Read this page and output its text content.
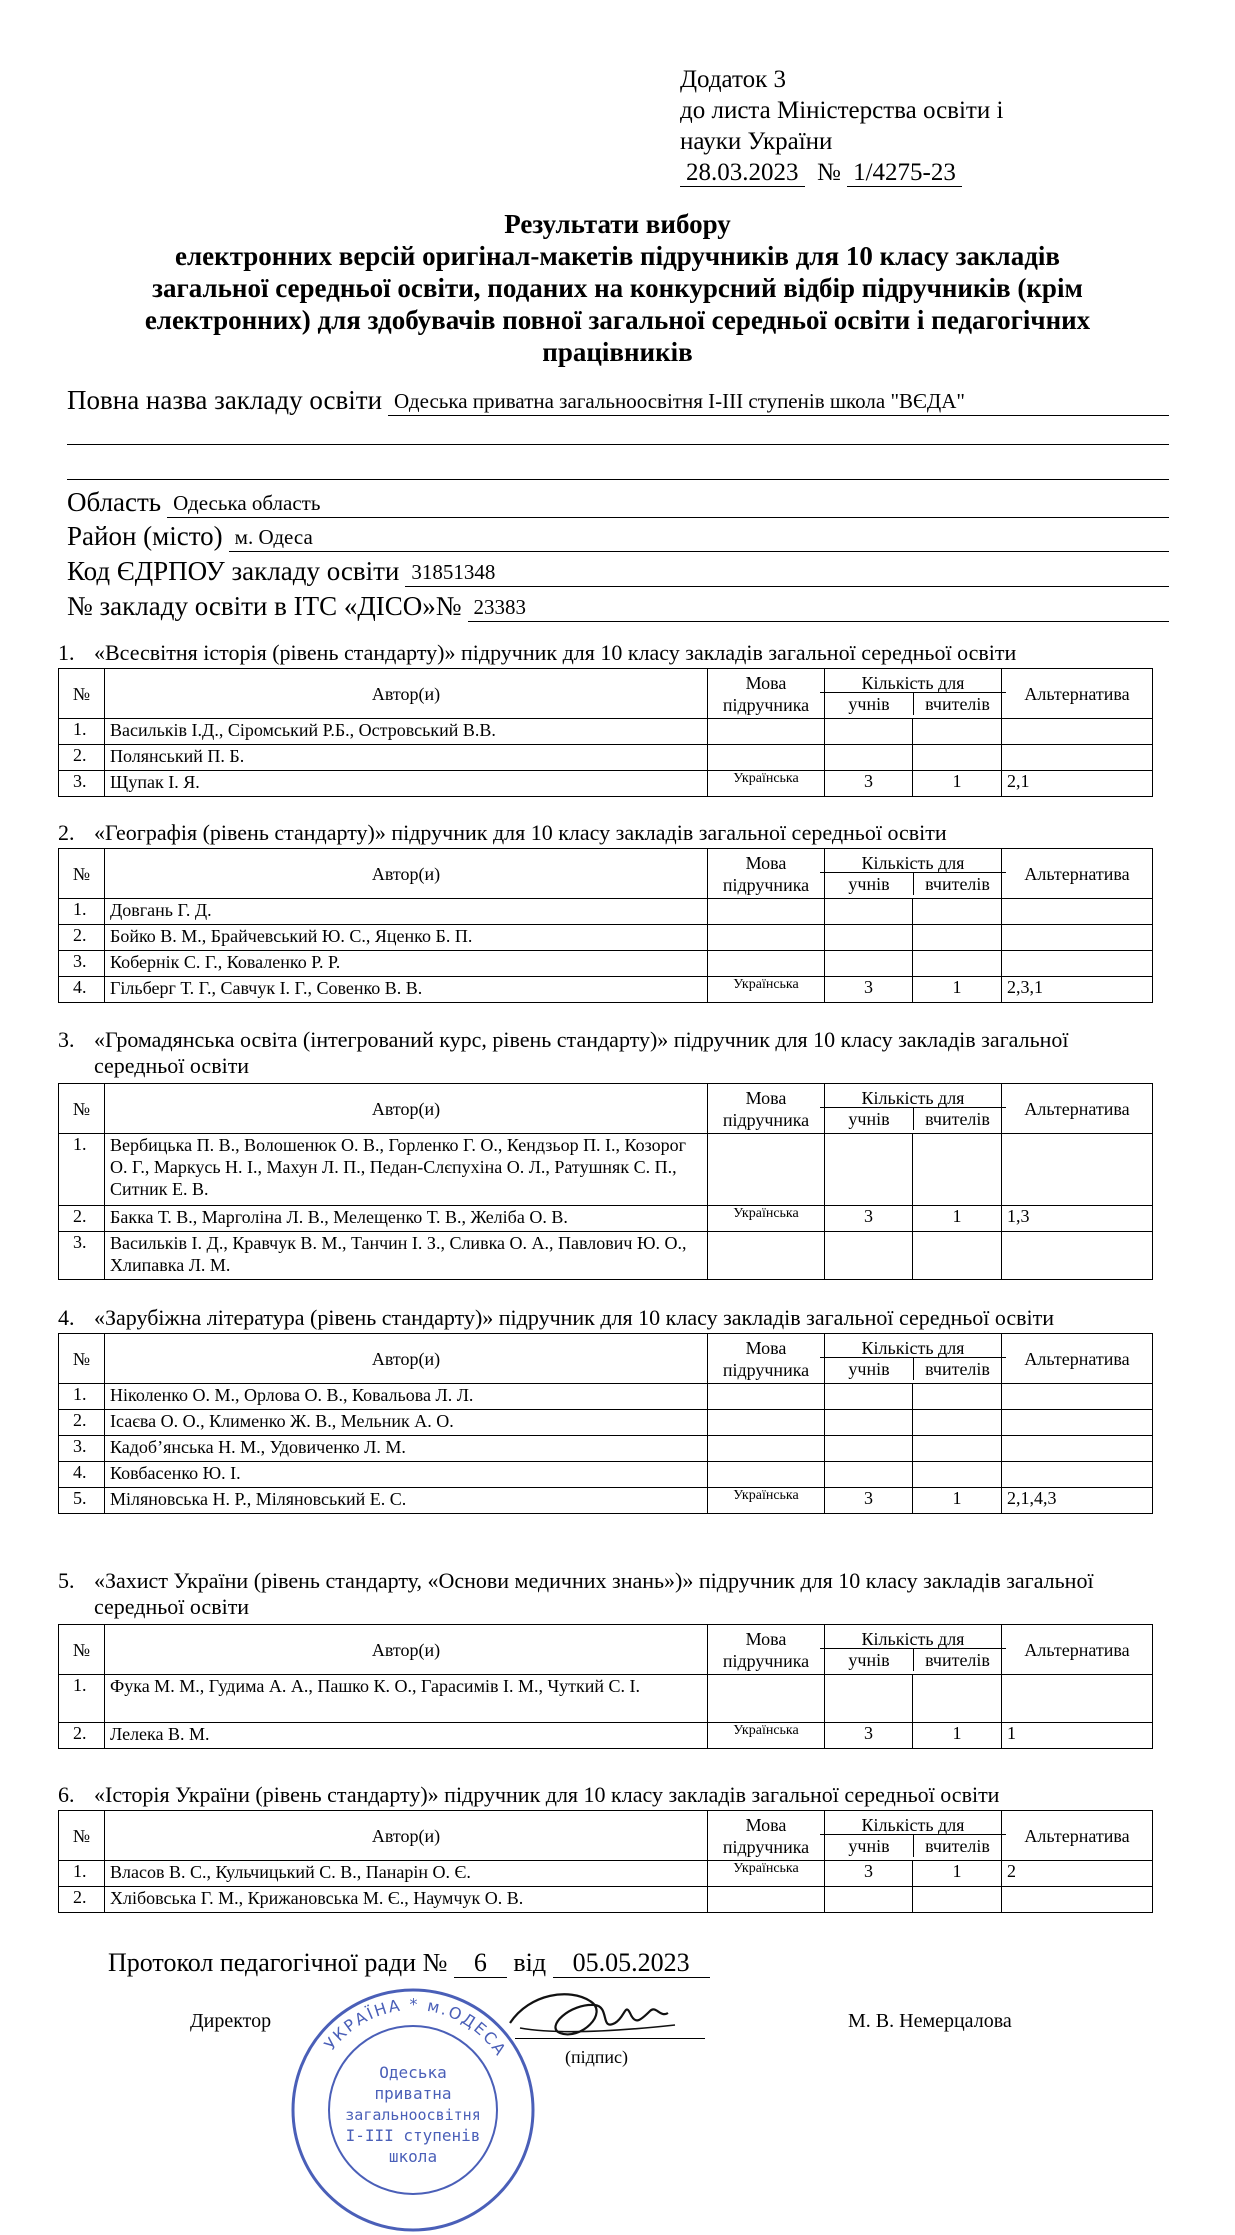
Додаток 3
до листа Міністерства освіти і
науки України
28.03.2023 № 1/4275-23
Результати вибору
електронних версій оригінал-макетів підручників для 10 класу закладів
загальної середньої освіти, поданих на конкурсний відбір підручників (крім
електронних) для здобувачів повної загальної середньої освіти і педагогічних
працівників
Повна назва закладу освіти Одеська приватна загальноосвітня І-ІІІ ступенів школа "ВЄДА"
Область Одеська область
Район (місто) м. Одеса
Код ЄДРПОУ закладу освіти 31851348
№ закладу освіти в ІТС «ДІСО»№ 23383
1. «Всесвітня історія (рівень стандарту)» підручник для 10 класу закладів загальної середньої освіти
№	Автор(и)	Мова підручника	Кількість для
учнів вчителів		Альтернатива
1.	Васильків І.Д., Сіромський Р.Б., Островський В.В.				
2.	Полянський П. Б.				
3.	Щупак І. Я.	Українська	3	1	2,1
2. «Географія (рівень стандарту)» підручник для 10 класу закладів загальної середньої освіти
№	Автор(и)	Мова підручника	Кількість для
учнів вчителів		Альтернатива
1.	Довгань Г. Д.				
2.	Бойко В. М., Брайчевський Ю. С., Яценко Б. П.				
3.	Кобернік С. Г., Коваленко Р. Р.				
4.	Гільберг Т. Г., Савчук І. Г., Совенко В. В.	Українська	3	1	2,3,1
3. «Громадянська освіта (інтегрований курс, рівень стандарту)» підручник для 10 класу закладів загальної середньої освіти
№	Автор(и)	Мова підручника	Кількість для
учнів вчителів		Альтернатива
1.	Вербицька П. В., Волошенюк О. В., Горленко Г. О., Кендзьор П. І., Козорог О. Г., Маркусь Н. І., Махун Л. П., Педан-Слєпухіна О. Л., Ратушняк С. П., Ситник Е. В.				
2.	Бакка Т. В., Марголіна Л. В., Мелещенко Т. В., Желіба О. В.	Українська	3	1	1,3
3.	Васильків І. Д., Кравчук В. М., Танчин І. З., Сливка О. А., Павлович Ю. О., Хлипавка Л. М.				
4. «Зарубіжна література (рівень стандарту)» підручник для 10 класу закладів загальної середньої освіти
№	Автор(и)	Мова підручника	Кількість для
учнів вчителів		Альтернатива
1.	Ніколенко О. М., Орлова О. В., Ковальова Л. Л.				
2.	Ісаєва О. О., Клименко Ж. В., Мельник А. О.				
3.	Кадоб’янська Н. М., Удовиченко Л. М.				
4.	Ковбасенко Ю. І.				
5.	Міляновська Н. Р., Міляновський Е. С.	Українська	3	1	2,1,4,3
5. «Захист України (рівень стандарту, «Основи медичних знань»)» підручник для 10 класу закладів загальної середньої освіти
№	Автор(и)	Мова підручника	Кількість для
учнів вчителів		Альтернатива
1.	Фука М. М., Гудима А. А., Пашко К. О., Гарасимів І. М., Чуткий С. І.				
2.	Лелека В. М.	Українська	3	1	1
6. «Історія України (рівень стандарту)» підручник для 10 класу закладів загальної середньої освіти
№	Автор(и)	Мова підручника	Кількість для
учнів вчителів		Альтернатива
1.	Власов В. С., Кульчицький С. В., Панарін О. Є.	Українська	3	1	2
2.	Хлібовська Г. М., Крижановська М. Є., Наумчук О. В.				
Протокол педагогічної ради № 6 від 05.05.2023
Директор
(підпис)
М. В. Немерцалова
УКРАЇНА * м.ОДЕСА
Одеська
приватна
загальноосвітня
І-ІІІ ступенів
школа
